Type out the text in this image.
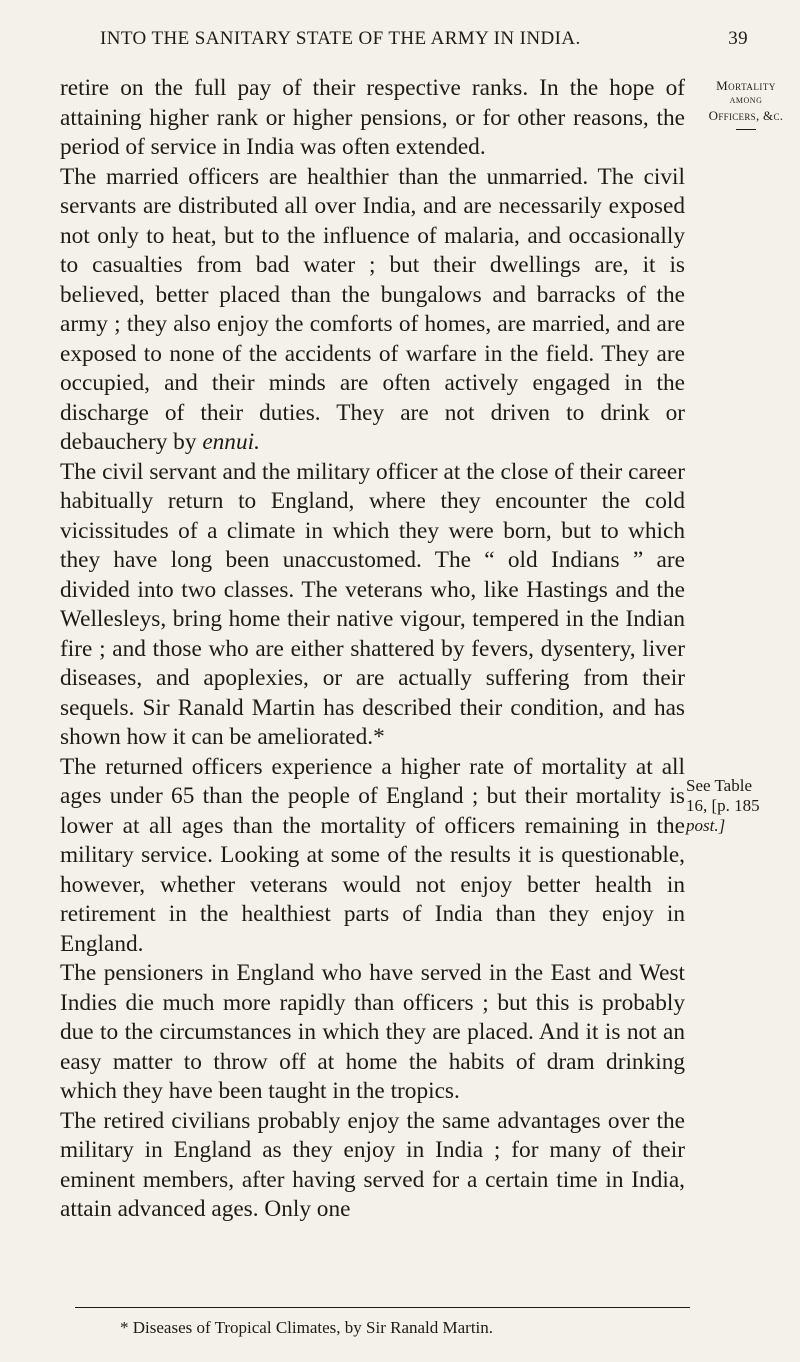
INTO THE SANITARY STATE OF THE ARMY IN INDIA.	39
Mortality
among
Officers, &c.

retire on the full pay of their respective ranks. In the hope of attaining higher rank or higher pensions, or for other reasons, the period of service in India was often extended.

The married officers are healthier than the unmarried. The civil servants are distributed all over India, and are necessarily exposed not only to heat, but to the influence of malaria, and occasionally to casualties from bad water ; but their dwellings are, it is believed, better placed than the bungalows and barracks of the army ; they also enjoy the comforts of homes, are married, and are exposed to none of the accidents of warfare in the field. They are occupied, and their minds are often actively engaged in the discharge of their duties. They are not driven to drink or debauchery by ennui.

The civil servant and the military officer at the close of their career habitually return to England, where they encounter the cold vicissitudes of a climate in which they were born, but to which they have long been unaccustomed. The “ old Indians ” are divided into two classes. The veterans who, like Hastings and the Wellesleys, bring home their native vigour, tempered in the Indian fire ; and those who are either shattered by fevers, dysentery, liver diseases, and apoplexies, or are actually suffering from their sequels. Sir Ranald Martin has described their condition, and has shown how it can be ameliorated.*

The returned officers experience a higher rate of mortality at all ages under 65 than the people of England ; but their mortality is lower at all ages than the mortality of officers remaining in the military service. Looking at some of the results it is questionable, however, whether veterans would not enjoy better health in retirement in the healthiest parts of India than they enjoy in England.

The pensioners in England who have served in the East and West Indies die much more rapidly than officers ; but this is probably due to the circumstances in which they are placed. And it is not an easy matter to throw off at home the habits of dram drinking which they have been taught in the tropics.

The retired civilians probably enjoy the same advantages over the military in England as they enjoy in India ; for many of their eminent members, after having served for a certain time in India, attain advanced ages. Only one

See Table
16, [p. 185
post.]
* Diseases of Tropical Climates, by Sir Ranald Martin.
